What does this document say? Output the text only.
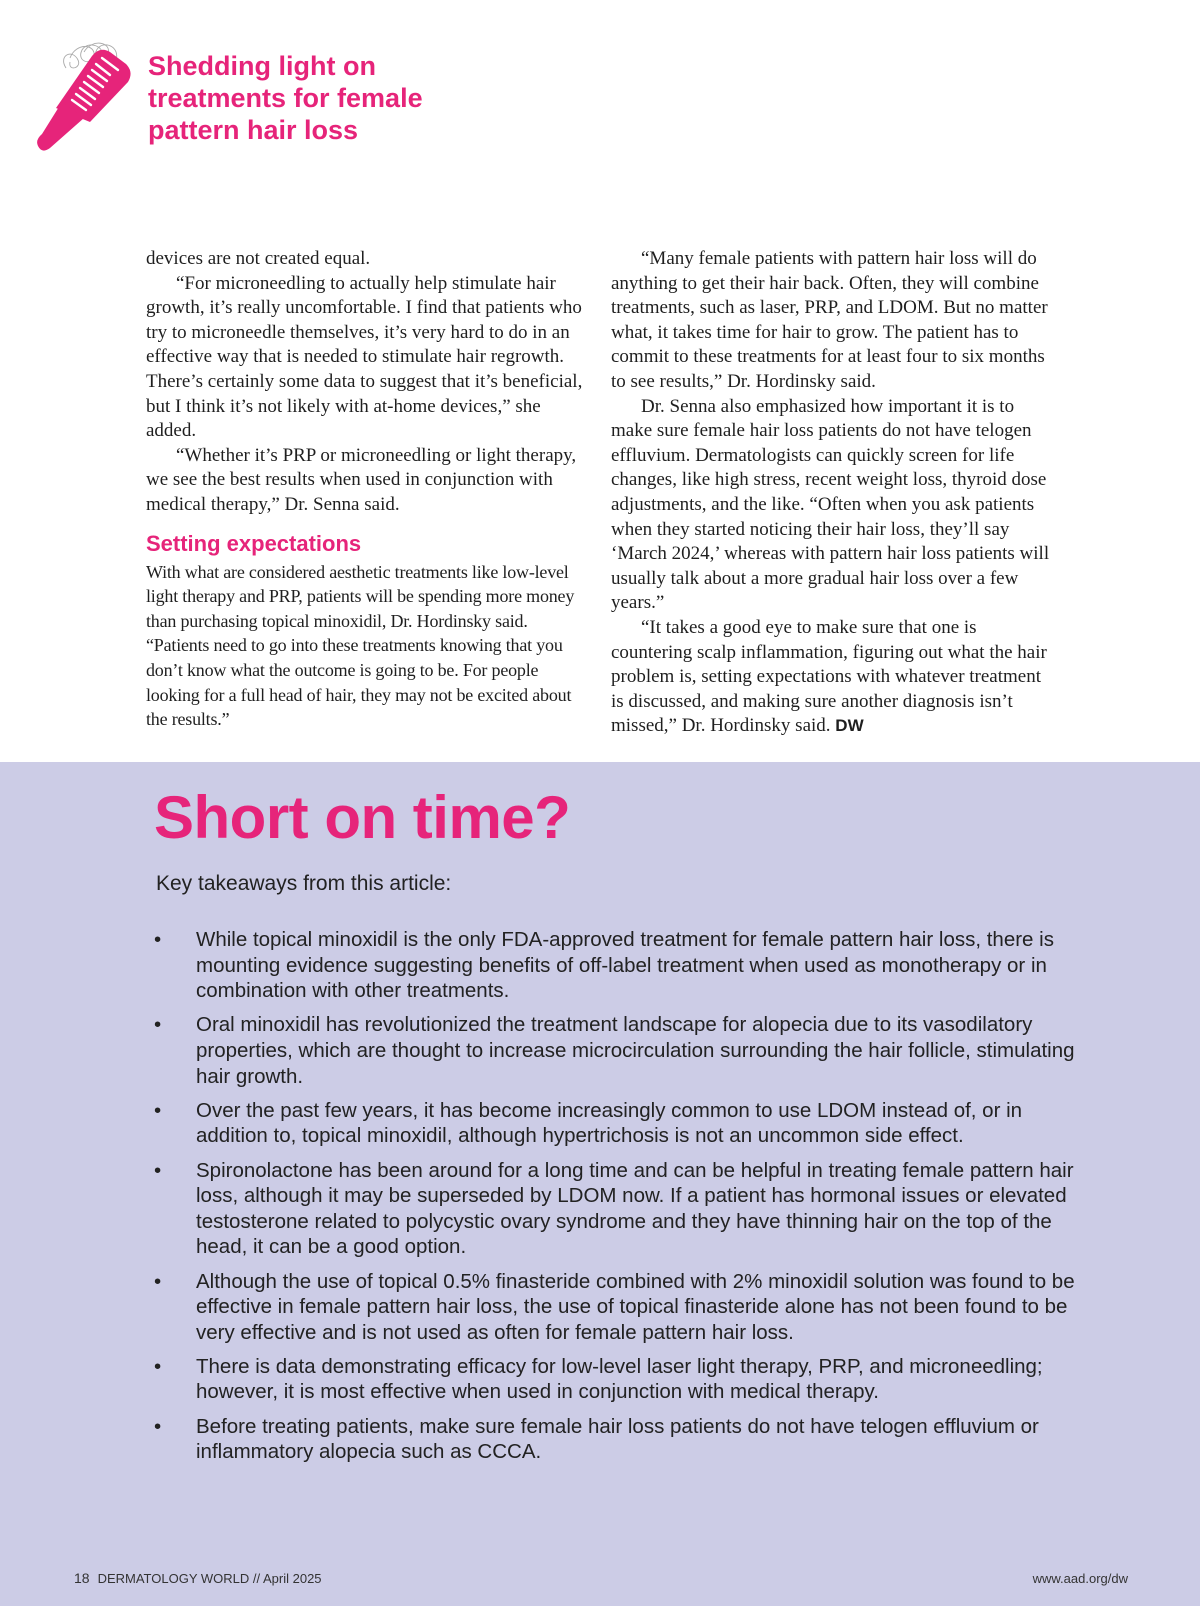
Shedding light on
treatments for female
pattern hair loss

devices are not created equal.

“For microneedling to actually help stimulate hair growth, it’s really uncomfortable. I find that patients who try to microneedle themselves, it’s very hard to do in an effective way that is needed to stimulate hair regrowth. There’s certainly some data to suggest that it’s beneficial, but I think it’s not likely with at-home devices,” she added.

“Whether it’s PRP or microneedling or light therapy, we see the best results when used in conjunction with medical therapy,” Dr. Senna said.

Setting expectations

With what are considered aesthetic treatments like low-level light therapy and PRP, patients will be spending more money than purchasing topical minoxidil, Dr. Hordinsky said. “Patients need to go into these treatments knowing that you don’t know what the outcome is going to be. For people looking for a full head of hair, they may not be excited about the results.”

“Many female patients with pattern hair loss will do anything to get their hair back. Often, they will combine treatments, such as laser, PRP, and LDOM. But no matter what, it takes time for hair to grow. The patient has to commit to these treatments for at least four to six months to see results,” Dr. Hordinsky said.

Dr. Senna also emphasized how important it is to make sure female hair loss patients do not have telogen effluvium. Dermatologists can quickly screen for life changes, like high stress, recent weight loss, thyroid dose adjustments, and the like. “Often when you ask patients when they started noticing their hair loss, they’ll say ‘March 2024,’ whereas with pattern hair loss patients will usually talk about a more gradual hair loss over a few years.”

“It takes a good eye to make sure that one is countering scalp inflammation, figuring out what the hair problem is, setting expectations with whatever treatment is discussed, and making sure another diagnosis isn’t missed,” Dr. Hordinsky said. DW

Short on time?

Key takeaways from this article:

• While topical minoxidil is the only FDA-approved treatment for female pattern hair loss, there is mounting evidence suggesting benefits of off-label treatment when used as monotherapy or in combination with other treatments.
• Oral minoxidil has revolutionized the treatment landscape for alopecia due to its vasodilatory properties, which are thought to increase microcirculation surrounding the hair follicle, stimulating hair growth.
• Over the past few years, it has become increasingly common to use LDOM instead of, or in addition to, topical minoxidil, although hypertrichosis is not an uncommon side effect.
• Spironolactone has been around for a long time and can be helpful in treating female pattern hair loss, although it may be superseded by LDOM now. If a patient has hormonal issues or elevated testosterone related to polycystic ovary syndrome and they have thinning hair on the top of the head, it can be a good option.
• Although the use of topical 0.5% finasteride combined with 2% minoxidil solution was found to be effective in female pattern hair loss, the use of topical finasteride alone has not been found to be very effective and is not used as often for female pattern hair loss.
• There is data demonstrating efficacy for low-level laser light therapy, PRP, and microneedling; however, it is most effective when used in conjunction with medical therapy.
• Before treating patients, make sure female hair loss patients do not have telogen effluvium or inflammatory alopecia such as CCCA.

18 DERMATOLOGY WORLD // April 2025	www.aad.org/dw
